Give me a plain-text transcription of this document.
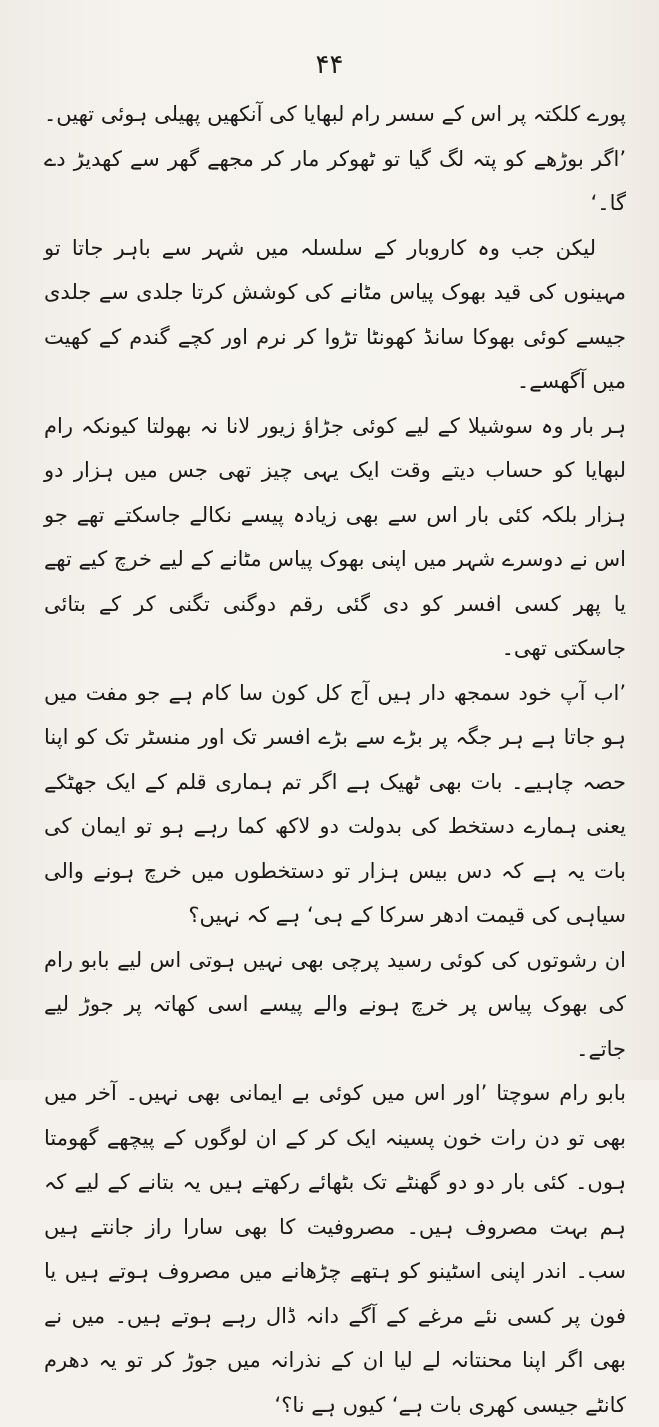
۴۴

پورے کلکتہ پر اس کے سسر رام لبھایا کی آنکھیں پھیلی ہوئی تھیں۔ ’اگر بوڑھے کو پتہ لگ گیا تو ٹھوکر مار کر مجھے گھر سے کھدیڑ دے گا۔‘

لیکن جب وہ کاروبار کے سلسلہ میں شہر سے باہر جاتا تو مہینوں کی قید بھوک پیاس مٹانے کی کوشش کرتا جلدی سے جلدی جیسے کوئی بھوکا سانڈ کھونٹا تڑوا کر نرم اور کچے گندم کے کھیت میں آگھسے۔

ہر بار وہ سوشیلا کے لیے کوئی جڑاؤ زیور لانا نہ بھولتا کیونکہ رام لبھایا کو حساب دیتے وقت ایک یہی چیز تھی جس میں ہزار دو ہزار بلکہ کئی بار اس سے بھی زیادہ پیسے نکالے جاسکتے تھے جو اس نے دوسرے شہر میں اپنی بھوک پیاس مٹانے کے لیے خرچ کیے تھے یا پھر کسی افسر کو دی گئی رقم دوگنی تگنی کر کے بتائی جاسکتی تھی۔

’اب آپ خود سمجھ دار ہیں آج کل کون سا کام ہے جو مفت میں ہو جاتا ہے ہر جگہ پر بڑے سے بڑے افسر تک اور منسٹر تک کو اپنا حصہ چاہیے۔ بات بھی ٹھیک ہے اگر تم ہماری قلم کے ایک جھٹکے یعنی ہمارے دستخط کی بدولت دو لاکھ کما رہے ہو تو ایمان کی بات یہ ہے کہ دس بیس ہزار تو دستخطوں میں خرچ ہونے والی سیاہی کی قیمت ادھر سرکا کے ہی‘ ہے کہ نہیں؟

ان رشوتوں کی کوئی رسید پرچی بھی نہیں ہوتی اس لیے بابو رام کی بھوک پیاس پر خرچ ہونے والے پیسے اسی کھاتہ پر جوڑ لیے جاتے۔

بابو رام سوچتا ’اور اس میں کوئی بے ایمانی بھی نہیں۔ آخر میں بھی تو دن رات خون پسینہ ایک کر کے ان لوگوں کے پیچھے گھومتا ہوں۔ کئی بار دو دو گھنٹے تک بٹھائے رکھتے ہیں یہ بتانے کے لیے کہ ہم بہت مصروف ہیں۔ مصروفیت کا بھی سارا راز جانتے ہیں سب۔ اندر اپنی اسٹینو کو ہتھے چڑھانے میں مصروف ہوتے ہیں یا فون پر کسی نئے مرغے کے آگے دانہ ڈال رہے ہوتے ہیں۔ میں نے بھی اگر اپنا محنتانہ لے لیا ان کے نذرانہ میں جوڑ کر تو یہ دھرم کانٹے جیسی کھری بات ہے‘ کیوں ہے نا؟‘
